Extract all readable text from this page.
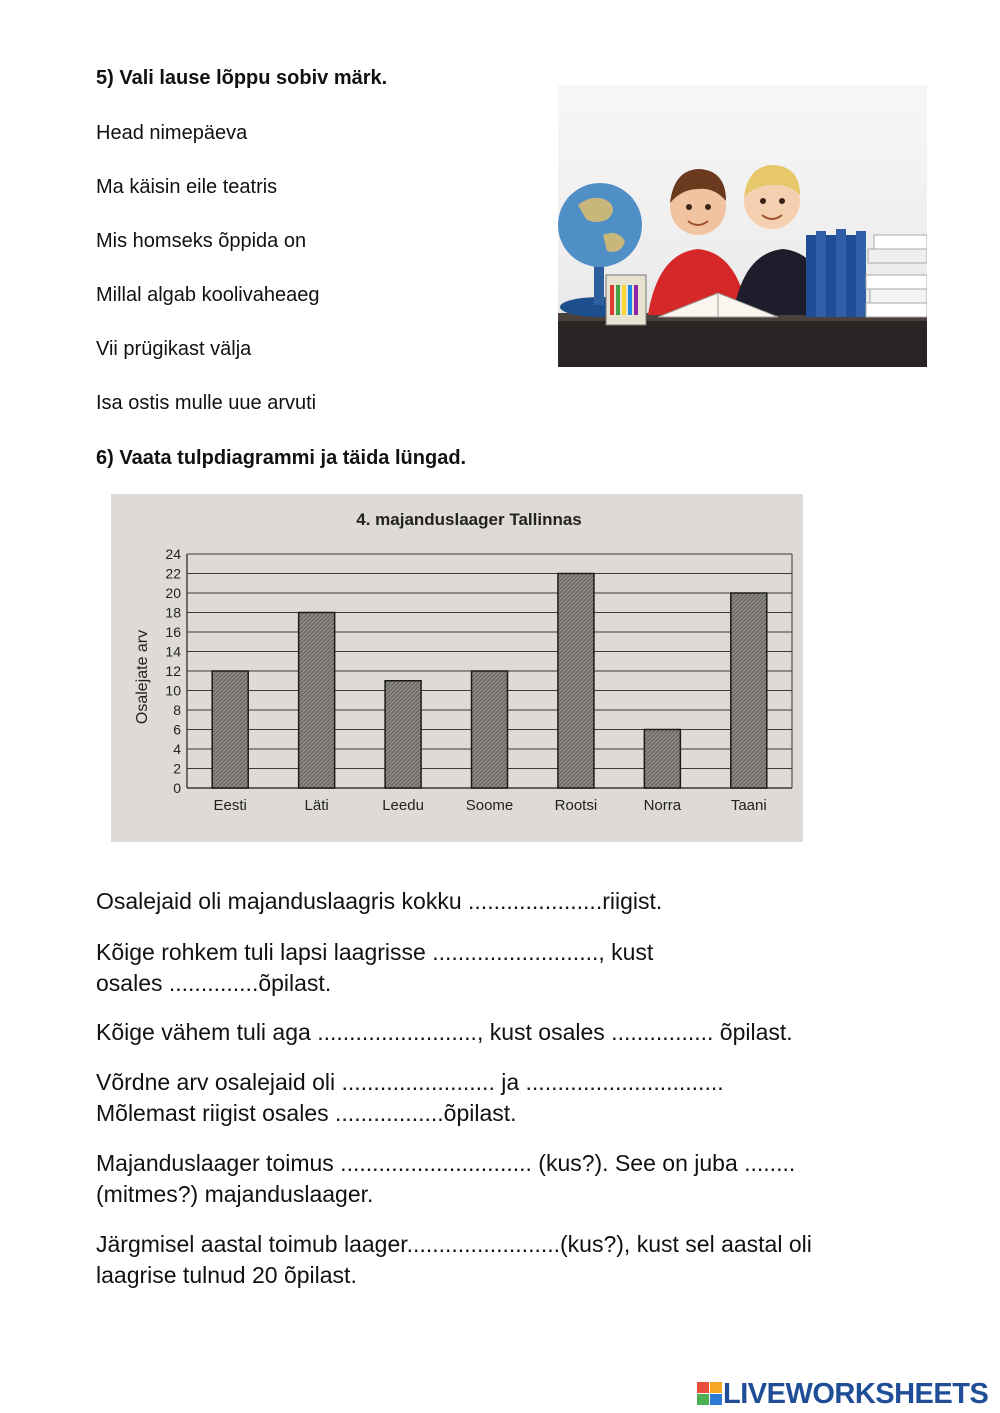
5) Vali lause lõppu sobiv märk.

Head nimepäeva

Ma käisin eile teatris

Mis homseks õppida on

Millal algab koolivaheaeg

Vii prügikast välja

Isa ostis mulle uue arvuti

6) Vaata tulpdiagrammi ja täida lüngad.

4. majanduslaager Tallinnas
Osalejate arv
0
2
4
6
8
10
12
14
16
18
20
22
24
Eesti	Läti	Leedu	Soome	Rootsi	Norra	Taani

Osalejaid oli majanduslaagris kokku .....................riigist.

Kõige rohkem tuli lapsi laagrisse .........................., kust
osales ..............õpilast.

Kõige vähem tuli aga ........................., kust osales ................ õpilast.

Võrdne arv osalejaid oli ........................ ja ...............................
Mõlemast riigist osales .................õpilast.

Majanduslaager toimus .............................. (kus?). See on juba ........
(mitmes?) majanduslaager.

Järgmisel aastal toimub laager........................(kus?), kust sel aastal oli
laagrise tulnud 20 õpilast.

LIVEWORKSHEETS
